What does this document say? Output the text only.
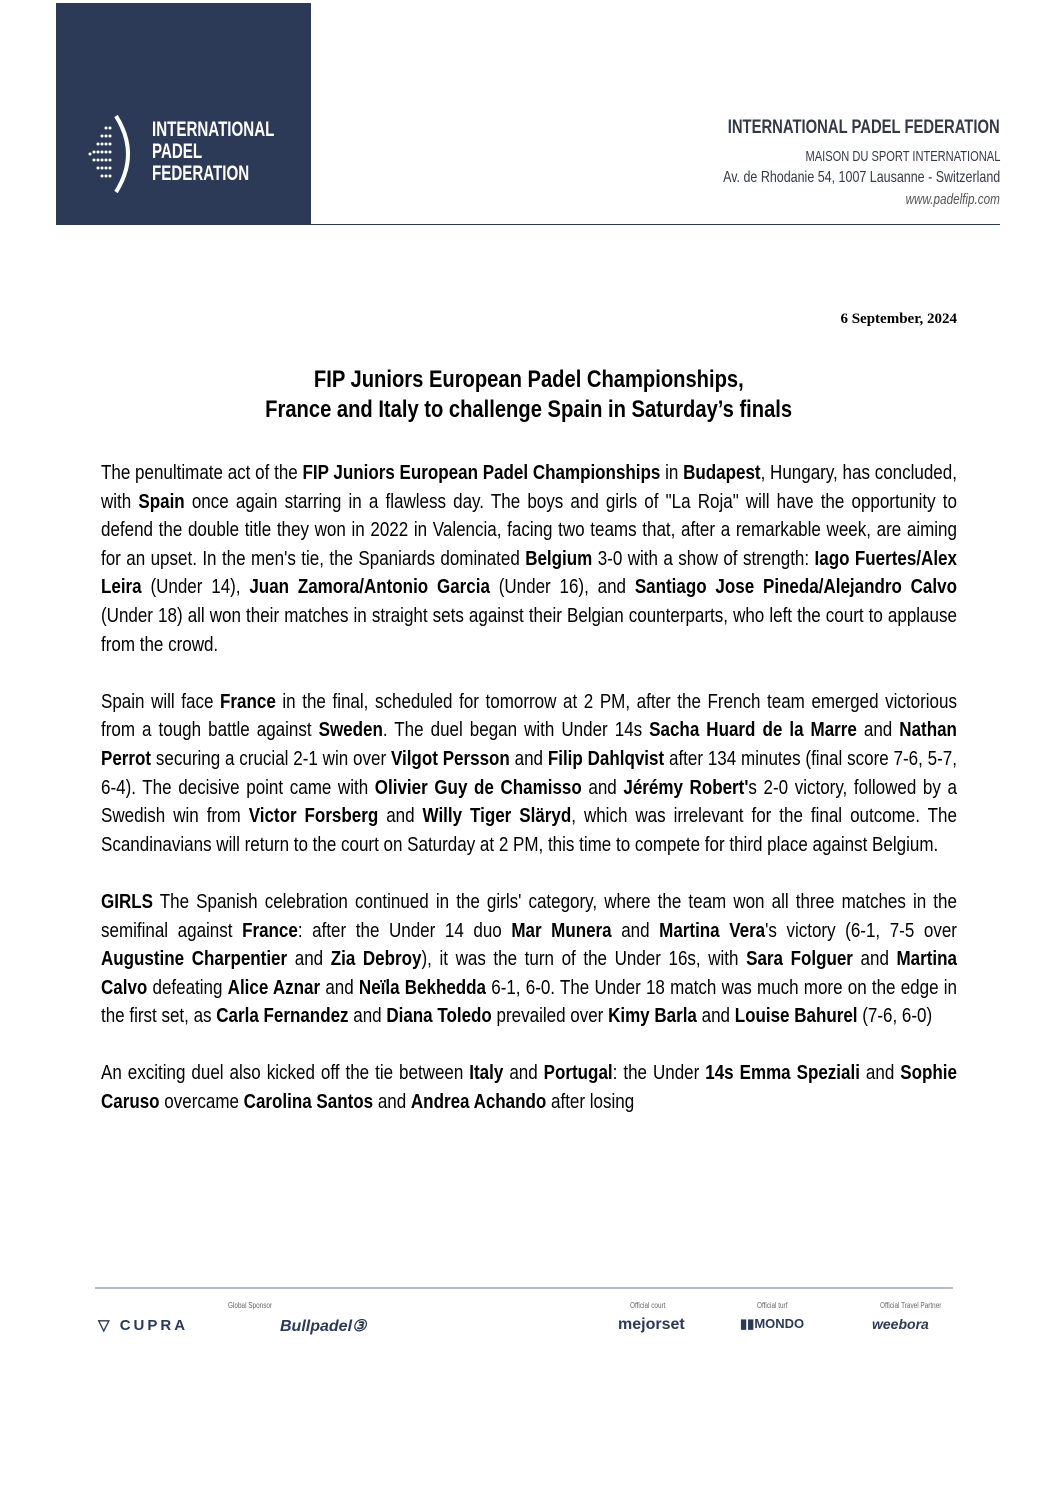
INTERNATIONAL
PADEL
FEDERATION
INTERNATIONAL PADEL FEDERATION
MAISON DU SPORT INTERNATIONAL
Av. de Rhodanie 54, 1007 Lausanne - Switzerland
www.padelfip.com
6 September, 2024
FIP Juniors European Padel Championships,
France and Italy to challenge Spain in Saturday’s finals

The penultimate act of the FIP Juniors European Padel Championships in Budapest, Hungary, has concluded, with Spain once again starring in a flawless day. The boys and girls of "La Roja" will have the opportunity to defend the double title they won in 2022 in Valencia, facing two teams that, after a remarkable week, are aiming for an upset. In the men's tie, the Spaniards dominated Belgium 3-0 with a show of strength: Iago Fuertes/Alex Leira (Under 14), Juan Zamora/Antonio Garcia (Under 16), and Santiago Jose Pineda/Alejandro Calvo (Under 18) all won their matches in straight sets against their Belgian counterparts, who left the court to applause from the crowd.

Spain will face France in the final, scheduled for tomorrow at 2 PM, after the French team emerged victorious from a tough battle against Sweden. The duel began with Under 14s Sacha Huard de la Marre and Nathan Perrot securing a crucial 2-1 win over Vilgot Persson and Filip Dahlqvist after 134 minutes (final score 7-6, 5-7, 6-4). The decisive point came with Olivier Guy de Chamisso and Jérémy Robert's 2-0 victory, followed by a Swedish win from Victor Forsberg and Willy Tiger Släryd, which was irrelevant for the final outcome. The Scandinavians will return to the court on Saturday at 2 PM, this time to compete for third place against Belgium.

GIRLS The Spanish celebration continued in the girls' category, where the team won all three matches in the semifinal against France: after the Under 14 duo Mar Munera and Martina Vera's victory (6-1, 7-5 over Augustine Charpentier and Zia Debroy), it was the turn of the Under 16s, with Sara Folguer and Martina Calvo defeating Alice Aznar and Neïla Bekhedda 6-1, 6-0. The Under 18 match was much more on the edge in the first set, as Carla Fernandez and Diana Toledo prevailed over Kimy Barla and Louise Bahurel (7-6, 6-0)

An exciting duel also kicked off the tie between Italy and Portugal: the Under 14s Emma Speziali and Sophie Caruso overcame Carolina Santos and Andrea Achando after losing

Global Sponsor
▽ CUPRA	Bullpadel③
Official court
mejorset
Official turf
▮▮MONDO
Official Travel Partner
weebora
